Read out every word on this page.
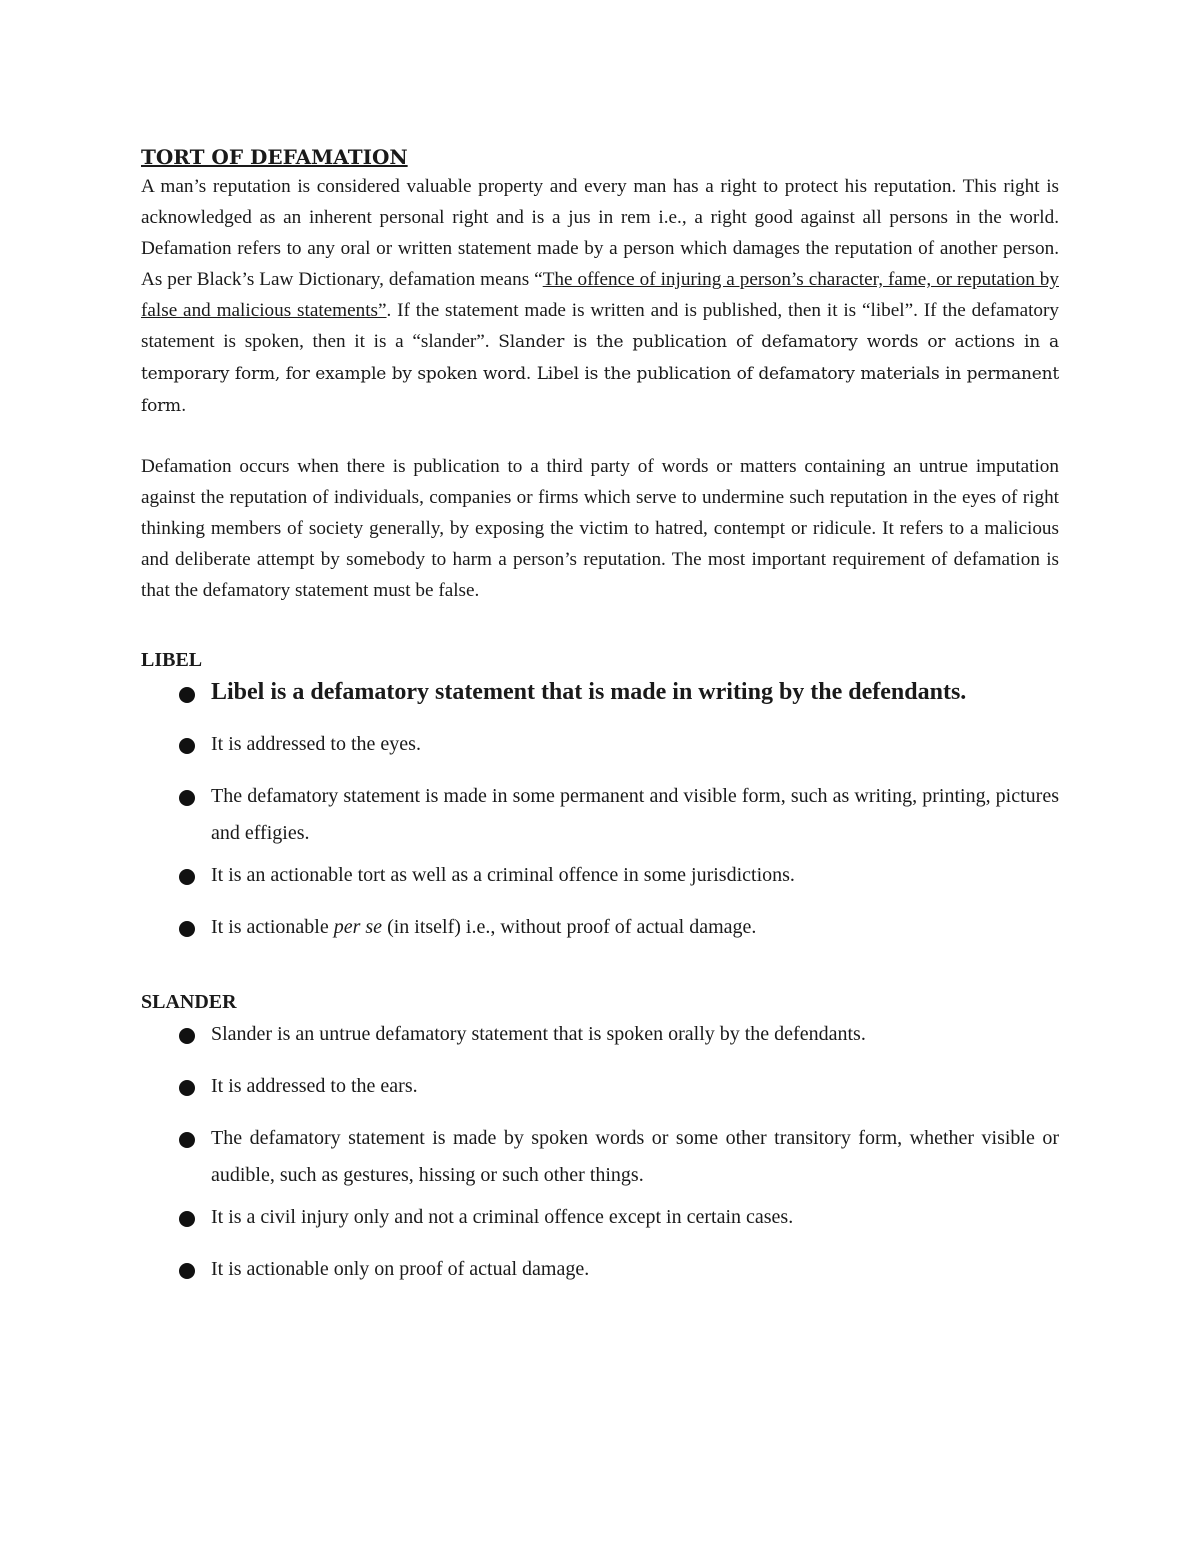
TORT OF DEFAMATION

A man’s reputation is considered valuable property and every man has a right to protect his reputation. This right is acknowledged as an inherent personal right and is a jus in rem i.e., a right good against all persons in the world. Defamation refers to any oral or written statement made by a person which damages the reputation of another person. As per Black’s Law Dictionary, defamation means “The offence of injuring a person’s character, fame, or reputation by false and malicious statements”. If the statement made is written and is published, then it is “libel”. If the defamatory statement is spoken, then it is a “slander”. Slander is the publication of defamatory words or actions in a temporary form, for example by spoken word. Libel is the publication of defamatory materials in permanent form.

Defamation occurs when there is publication to a third party of words or matters containing an untrue imputation against the reputation of individuals, companies or firms which serve to undermine such reputation in the eyes of right thinking members of society generally, by exposing the victim to hatred, contempt or ridicule. It refers to a malicious and deliberate attempt by somebody to harm a person’s reputation. The most important requirement of defamation is that the defamatory statement must be false.

LIBEL

Libel is a defamatory statement that is made in writing by the defendants.
It is addressed to the eyes.
The defamatory statement is made in some permanent and visible form, such as writing, printing, pictures and effigies.
It is an actionable tort as well as a criminal offence in some jurisdictions.
It is actionable per se (in itself) i.e., without proof of actual damage.

SLANDER

Slander is an untrue defamatory statement that is spoken orally by the defendants.
It is addressed to the ears.
The defamatory statement is made by spoken words or some other transitory form, whether visible or audible, such as gestures, hissing or such other things.
It is a civil injury only and not a criminal offence except in certain cases.
It is actionable only on proof of actual damage.
